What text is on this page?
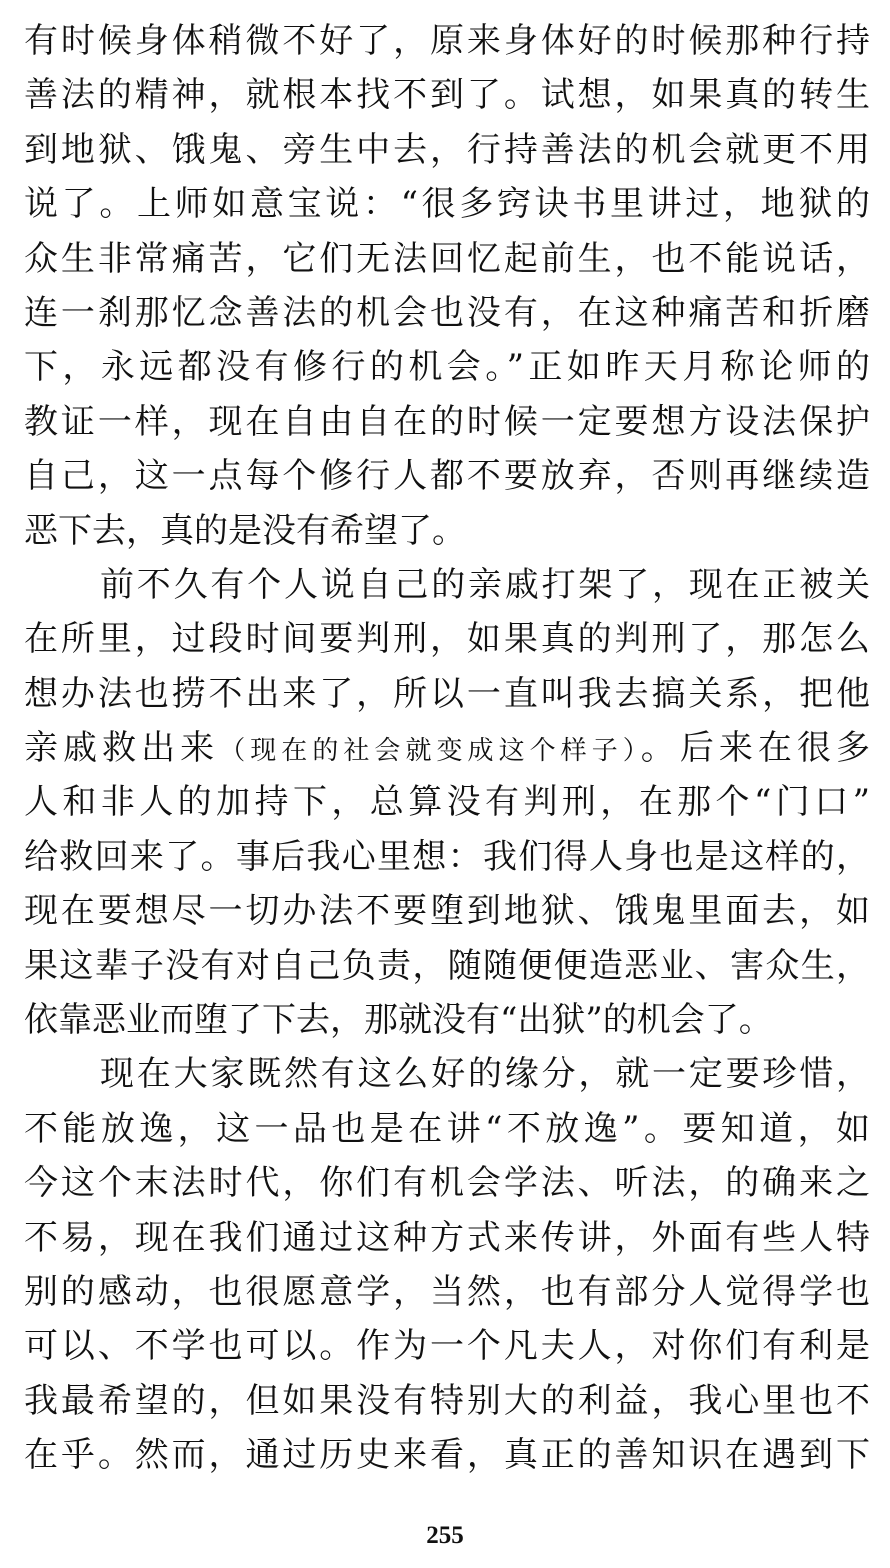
有时候身体稍微不好了，原来身体好的时候那种行持
善法的精神，就根本找不到了。试想，如果真的转生
到地狱、饿鬼、旁生中去，行持善法的机会就更不用
说了。上师如意宝说：“很多窍诀书里讲过，地狱的
众生非常痛苦，它们无法回忆起前生，也不能说话，
连一刹那忆念善法的机会也没有，在这种痛苦和折磨
下，永远都没有修行的机会。”正如昨天月称论师的
教证一样，现在自由自在的时候一定要想方设法保护
自己，这一点每个修行人都不要放弃，否则再继续造
恶下去，真的是没有希望了。
前不久有个人说自己的亲戚打架了，现在正被关
在所里，过段时间要判刑，如果真的判刑了，那怎么
想办法也捞不出来了，所以一直叫我去搞关系，把他
亲戚救出来（现在的社会就变成这个样子）。后来在很多
人和非人的加持下，总算没有判刑，在那个“门口”
给救回来了。事后我心里想：我们得人身也是这样的，
现在要想尽一切办法不要堕到地狱、饿鬼里面去，如
果这辈子没有对自己负责，随随便便造恶业、害众生，
依靠恶业而堕了下去，那就没有“出狱”的机会了。
现在大家既然有这么好的缘分，就一定要珍惜，
不能放逸，这一品也是在讲“不放逸”。要知道，如
今这个末法时代，你们有机会学法、听法，的确来之
不易，现在我们通过这种方式来传讲，外面有些人特
别的感动，也很愿意学，当然，也有部分人觉得学也
可以、不学也可以。作为一个凡夫人，对你们有利是
我最希望的，但如果没有特别大的利益，我心里也不
在乎。然而，通过历史来看，真正的善知识在遇到下
255
